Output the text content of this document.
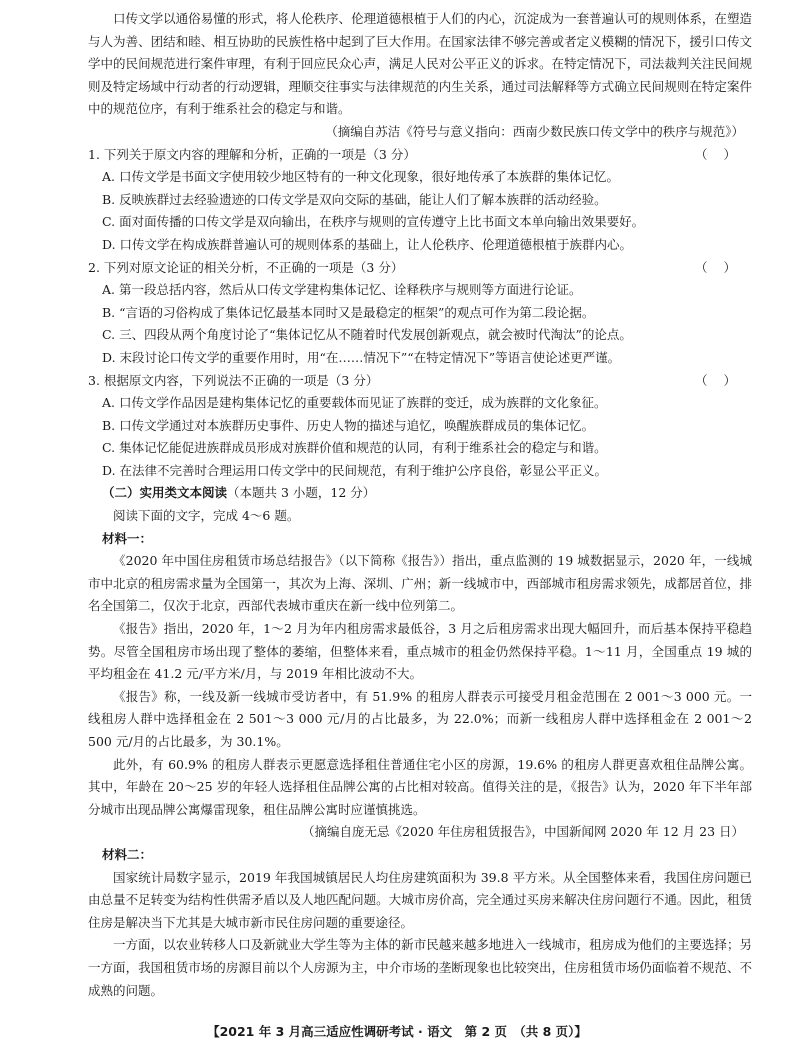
口传文学以通俗易懂的形式，将人伦秩序、伦理道德根植于人们的内心，沉淀成为一套普遍认可的规则体系，在塑造与人为善、团结和睦、相互协助的民族性格中起到了巨大作用。在国家法律不够完善或者定义模糊的情况下，援引口传文学中的民间规范进行案件审理，有利于回应民众心声，满足人民对公平正义的诉求。在特定情况下，司法裁判关注民间规则及特定场域中行动者的行动逻辑，理顺交往事实与法律规范的内生关系，通过司法解释等方式确立民间规则在特定案件中的规范位序，有利于维系社会的稳定与和谐。

（摘编自苏洁《符号与意义指向：西南少数民族口传文学中的秩序与规范》）

1. 下列关于原文内容的理解和分析，正确的一项是（3 分）	（ ）

A. 口传文学是书面文字使用较少地区特有的一种文化现象，很好地传承了本族群的集体记忆。

B. 反映族群过去经验遗迹的口传文学是双向交际的基础，能让人们了解本族群的活动经验。

C. 面对面传播的口传文学是双向输出，在秩序与规则的宣传遵守上比书面文本单向输出效果要好。

D. 口传文学在构成族群普遍认可的规则体系的基础上，让人伦秩序、伦理道德根植于族群内心。

2. 下列对原文论证的相关分析，不正确的一项是（3 分）	（ ）

A. 第一段总括内容，然后从口传文学建构集体记忆、诠释秩序与规则等方面进行论证。

B. “言语的习俗构成了集体记忆最基本同时又是最稳定的框架”的观点可作为第二段论据。

C. 三、四段从两个角度讨论了“集体记忆从不随着时代发展创新观点，就会被时代淘汰”的论点。

D. 末段讨论口传文学的重要作用时，用“在……情况下”“在特定情况下”等语言使论述更严谨。

3. 根据原文内容，下列说法不正确的一项是（3 分）	（ ）

A. 口传文学作品因是建构集体记忆的重要载体而见证了族群的变迁，成为族群的文化象征。

B. 口传文学通过对本族群历史事件、历史人物的描述与追忆，唤醒族群成员的集体记忆。

C. 集体记忆能促进族群成员形成对族群价值和规范的认同，有利于维系社会的稳定与和谐。

D. 在法律不完善时合理运用口传文学中的民间规范，有利于维护公序良俗，彰显公平正义。

（二）实用类文本阅读（本题共 3 小题，12 分）

阅读下面的文字，完成 4～6 题。

材料一：

《2020 年中国住房租赁市场总结报告》（以下简称《报告》）指出，重点监测的 19 城数据显示，2020 年，一线城市中北京的租房需求量为全国第一，其次为上海、深圳、广州；新一线城市中，西部城市租房需求领先，成都居首位，排名全国第二，仅次于北京，西部代表城市重庆在新一线中位列第二。

《报告》指出，2020 年，1～2 月为年内租房需求最低谷，3 月之后租房需求出现大幅回升，而后基本保持平稳趋势。尽管全国租房市场出现了整体的萎缩，但整体来看，重点城市的租金仍然保持平稳。1～11 月，全国重点 19 城的平均租金在 41.2 元/平方米/月，与 2019 年相比波动不大。

《报告》称，一线及新一线城市受访者中，有 51.9% 的租房人群表示可接受月租金范围在 2 001～3 000 元。一线租房人群中选择租金在 2 501～3 000 元/月的占比最多，为 22.0%；而新一线租房人群中选择租金在 2 001～2 500 元/月的占比最多，为 30.1%。

此外，有 60.9% 的租房人群表示更愿意选择租住普通住宅小区的房源，19.6% 的租房人群更喜欢租住品牌公寓。其中，年龄在 20～25 岁的年轻人选择租住品牌公寓的占比相对较高。值得关注的是，《报告》认为，2020 年下半年部分城市出现品牌公寓爆雷现象，租住品牌公寓时应谨慎挑选。

（摘编自庞无忌《2020 年住房租赁报告》，中国新闻网 2020 年 12 月 23 日）

材料二：

国家统计局数字显示，2019 年我国城镇居民人均住房建筑面积为 39.8 平方米。从全国整体来看，我国住房问题已由总量不足转变为结构性供需矛盾以及人地匹配问题。大城市房价高，完全通过买房来解决住房问题行不通。因此，租赁住房是解决当下尤其是大城市新市民住房问题的重要途径。

一方面，以农业转移人口及新就业大学生等为主体的新市民越来越多地进入一线城市，租房成为他们的主要选择；另一方面，我国租赁市场的房源目前以个人房源为主，中介市场的垄断现象也比较突出，住房租赁市场仍面临着不规范、不成熟的问题。

【2021 年 3 月高三适应性调研考试 · 语文　第 2 页　（共 8 页）】
